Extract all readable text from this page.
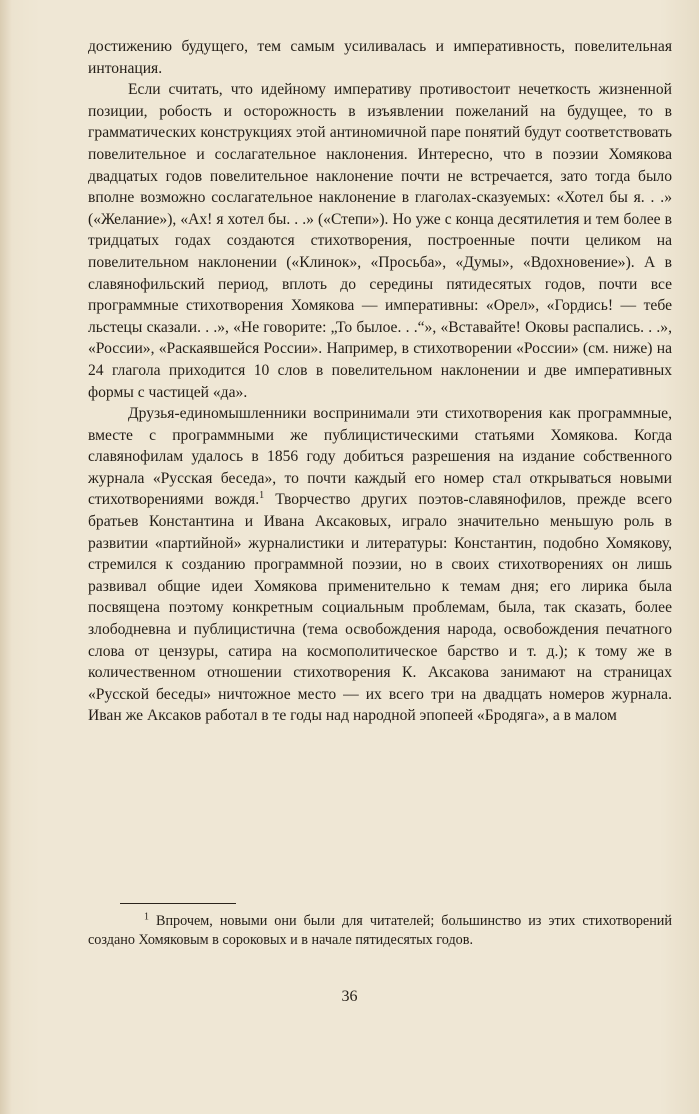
достижению будущего, тем самым усиливалась и императивность, повелительная интонация.

Если считать, что идейному императиву противостоит нечеткость жизненной позиции, робость и осторожность в изъявлении пожеланий на будущее, то в грамматических конструкциях этой антиномичной паре понятий будут соответствовать повелительное и сослагательное наклонения. Интересно, что в поэзии Хомякова двадцатых годов повелительное наклонение почти не встречается, зато тогда было вполне возможно сослагательное наклонение в глаголах-сказуемых: «Хотел бы я. . .» («Желание»), «Ах! я хотел бы. . .» («Степи»). Но уже с конца десятилетия и тем более в тридцатых годах создаются стихотворения, построенные почти целиком на повелительном наклонении («Клинок», «Просьба», «Думы», «Вдохновение»). А в славянофильский период, вплоть до середины пятидесятых годов, почти все программные стихотворения Хомякова — императивны: «Орел», «Гордись! — тебе льстецы сказали. . .», «Не говорите: „То былое. . .“», «Вставайте! Оковы распались. . .», «России», «Раскаявшейся России». Например, в стихотворении «России» (см. ниже) на 24 глагола приходится 10 слов в повелительном наклонении и две императивных формы с частицей «да».

Друзья-единомышленники воспринимали эти стихотворения как программные, вместе с программными же публицистическими статьями Хомякова. Когда славянофилам удалось в 1856 году добиться разрешения на издание собственного журнала «Русская беседа», то почти каждый его номер стал открываться новыми стихотворениями вождя.$^1$ Творчество других поэтов-славянофилов, прежде всего братьев Константина и Ивана Аксаковых, играло значительно меньшую роль в развитии «партийной» журналистики и литературы: Константин, подобно Хомякову, стремился к созданию программной поэзии, но в своих стихотворениях он лишь развивал общие идеи Хомякова применительно к темам дня; его лирика была посвящена поэтому конкретным социальным проблемам, была, так сказать, более злободневна и публицистична (тема освобождения народа, освобождения печатного слова от цензуры, сатира на космополитическое барство и т. д.); к тому же в количественном отношении стихотворения К. Аксакова занимают на страницах «Русской беседы» ничтожное место — их всего три на двадцать номеров журнала. Иван же Аксаков работал в те годы над народной эпопеей «Бродяга», а в малом

$^1$ Впрочем, новыми они были для читателей; большинство из этих стихотворений создано Хомяковым в сороковых и в начале пятидесятых годов.
36
